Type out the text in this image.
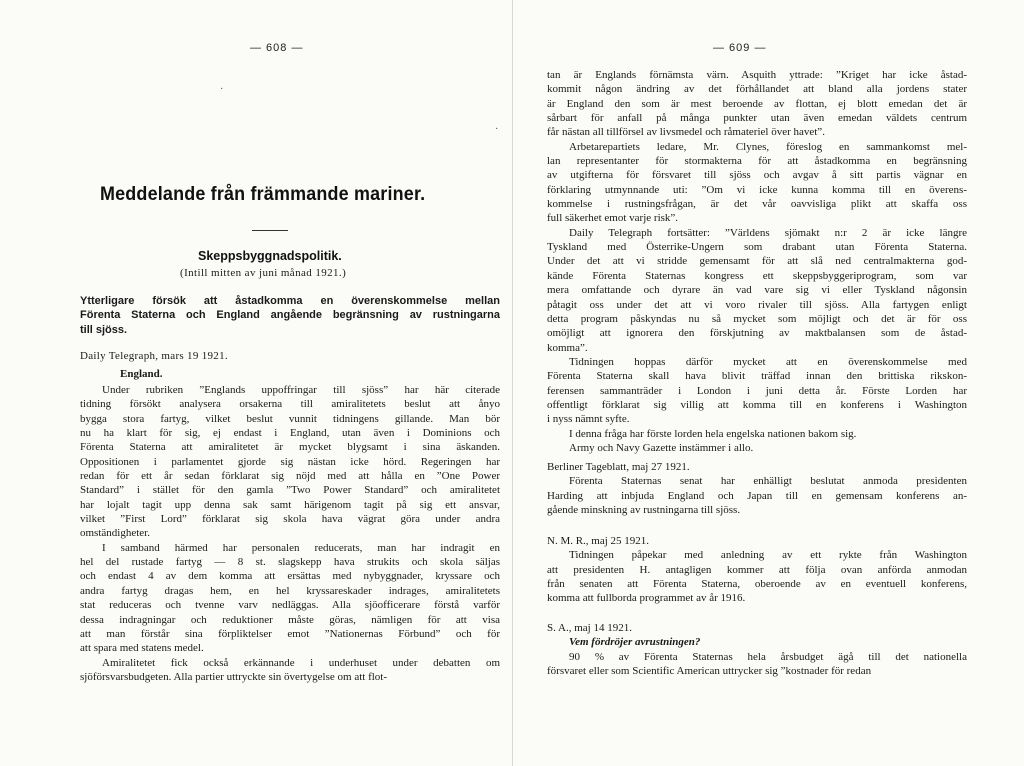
— 608 —
·
Meddelande från främmande mariner.
Skeppsbyggnadspolitik.
(Intill mitten av juni månad 1921.)
Ytterligare försök att åstadkomma en överenskommelse mellan
Förenta Staterna och England angående begränsning av rustningarna
till sjöss.
Daily Telegraph, mars 19 1921.
England.
Under rubriken ”Englands uppoffringar till sjöss” har här citerade
tidning försökt analysera orsakerna till amiralitetets beslut att ånyo
bygga stora fartyg, vilket beslut vunnit tidningens gillande. Man bör
nu ha klart för sig, ej endast i England, utan även i Dominions och
Förenta Staterna att amiralitetet är mycket blygsamt i sina äskanden.
Oppositionen i parlamentet gjorde sig nästan icke hörd. Regeringen har
redan för ett år sedan förklarat sig nöjd med att hålla en ”One Power
Standard” i stället för den gamla ”Two Power Standard” och amiralitetet
har lojalt tagit upp denna sak samt härigenom tagit på sig ett ansvar,
vilket ”First Lord” förklarat sig skola hava vägrat göra under andra
omständigheter.
I samband härmed har personalen reducerats, man har indragit en
hel del rustade fartyg — 8 st. slagskepp hava strukits och skola säljas
och endast 4 av dem komma att ersättas med nybyggnader, kryssare och
andra fartyg dragas hem, en hel kryssareskader indrages, amiralitetets
stat reduceras och tvenne varv nedläggas. Alla sjöofficerare förstå varför
dessa indragningar och reduktioner måste göras, nämligen för att visa
att man förstår sina förpliktelser emot ”Nationernas Förbund” och för
att spara med statens medel.
Amiralitetet fick också erkännande i underhuset under debatten om
sjöförsvarsbudgeten. Alla partier uttryckte sin övertygelse om att flot-
— 609 —
·
tan är Englands förnämsta värn. Asquith yttrade: ”Kriget har icke åstad-
kommit någon ändring av det förhållandet att bland alla jordens stater
är England den som är mest beroende av flottan, ej blott emedan det är
sårbart för anfall på många punkter utan även emedan väldets centrum
får nästan all tillförsel av livsmedel och råmateriel över havet”.
Arbetarepartiets ledare, Mr. Clynes, föreslog en sammankomst mel-
lan representanter för stormakterna för att åstadkomma en begränsning
av utgifterna för försvaret till sjöss och avgav å sitt partis vägnar en
förklaring utmynnande uti: ”Om vi icke kunna komma till en överens-
kommelse i rustningsfrågan, är det vår oavvisliga plikt att skaffa oss
full säkerhet emot varje risk”.
Daily Telegraph fortsätter: ”Världens sjömakt n:r 2 är icke längre
Tyskland med Österrike-Ungern som drabant utan Förenta Staterna.
Under det att vi stridde gemensamt för att slå ned centralmakterna god-
kände Förenta Staternas kongress ett skeppsbyggeriprogram, som var
mera omfattande och dyrare än vad vare sig vi eller Tyskland någonsin
påtagit oss under det att vi voro rivaler till sjöss. Alla fartygen enligt
detta program påskyndas nu så mycket som möjligt och det är för oss
omöjligt att ignorera den förskjutning av maktbalansen som de åstad-
komma”.
Tidningen hoppas därför mycket att en överenskommelse med
Förenta Staterna skall hava blivit träffad innan den brittiska rikskon-
ferensen sammanträder i London i juni detta år. Förste Lorden har
offentligt förklarat sig villig att komma till en konferens i Washington
i nyss nämnt syfte.
I denna fråga har förste lorden hela engelska nationen bakom sig.
Army och Navy Gazette instämmer i allo.
Berliner Tageblatt, maj 27 1921.
Förenta Staternas senat har enhälligt beslutat anmoda presidenten
Harding att inbjuda England och Japan till en gemensam konferens an-
gående minskning av rustningarna till sjöss.
N. M. R., maj 25 1921.
Tidningen påpekar med anledning av ett rykte från Washington
att presidenten H. antagligen kommer att följa ovan anförda anmodan
från senaten att Förenta Staterna, oberoende av en eventuell konferens,
komma att fullborda programmet av år 1916.
S. A., maj 14 1921.
Vem fördröjer avrustningen?
90 % av Förenta Staternas hela årsbudget ägå till det nationella
försvaret eller som Scientific American uttrycker sig ”kostnader för redan
